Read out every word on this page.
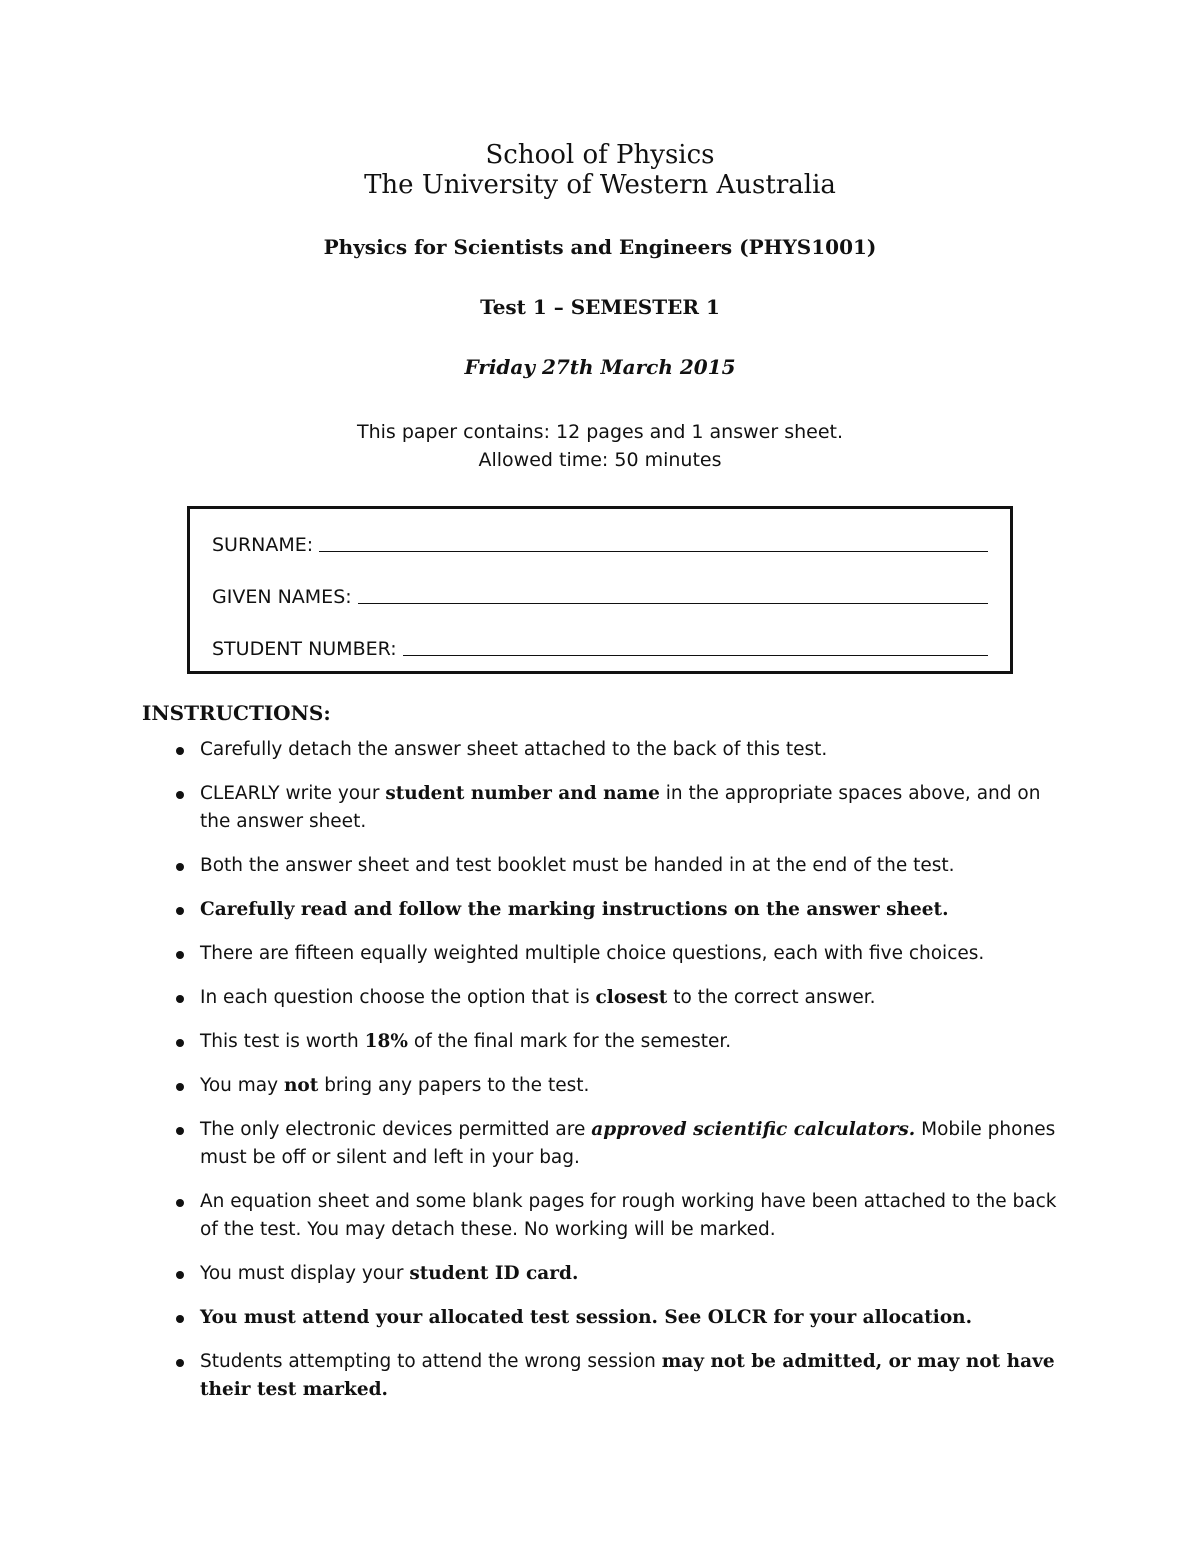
School of Physics
The University of Western Australia
Physics for Scientists and Engineers (PHYS1001)
Test 1 – SEMESTER 1
Friday 27th March 2015
This paper contains: 12 pages and 1 answer sheet.
Allowed time: 50 minutes
SURNAME:
GIVEN NAMES:
STUDENT NUMBER:
INSTRUCTIONS:
Carefully detach the answer sheet attached to the back of this test.
CLEARLY write your student number and name in the appropriate spaces above, and on the answer sheet.
Both the answer sheet and test booklet must be handed in at the end of the test.
Carefully read and follow the marking instructions on the answer sheet.
There are fifteen equally weighted multiple choice questions, each with five choices.
In each question choose the option that is closest to the correct answer.
This test is worth 18% of the final mark for the semester.
You may not bring any papers to the test.
The only electronic devices permitted are approved scientific calculators. Mobile phones must be off or silent and left in your bag.
An equation sheet and some blank pages for rough working have been attached to the back of the test. You may detach these. No working will be marked.
You must display your student ID card.
You must attend your allocated test session. See OLCR for your allocation.
Students attempting to attend the wrong session may not be admitted, or may not have their test marked.
